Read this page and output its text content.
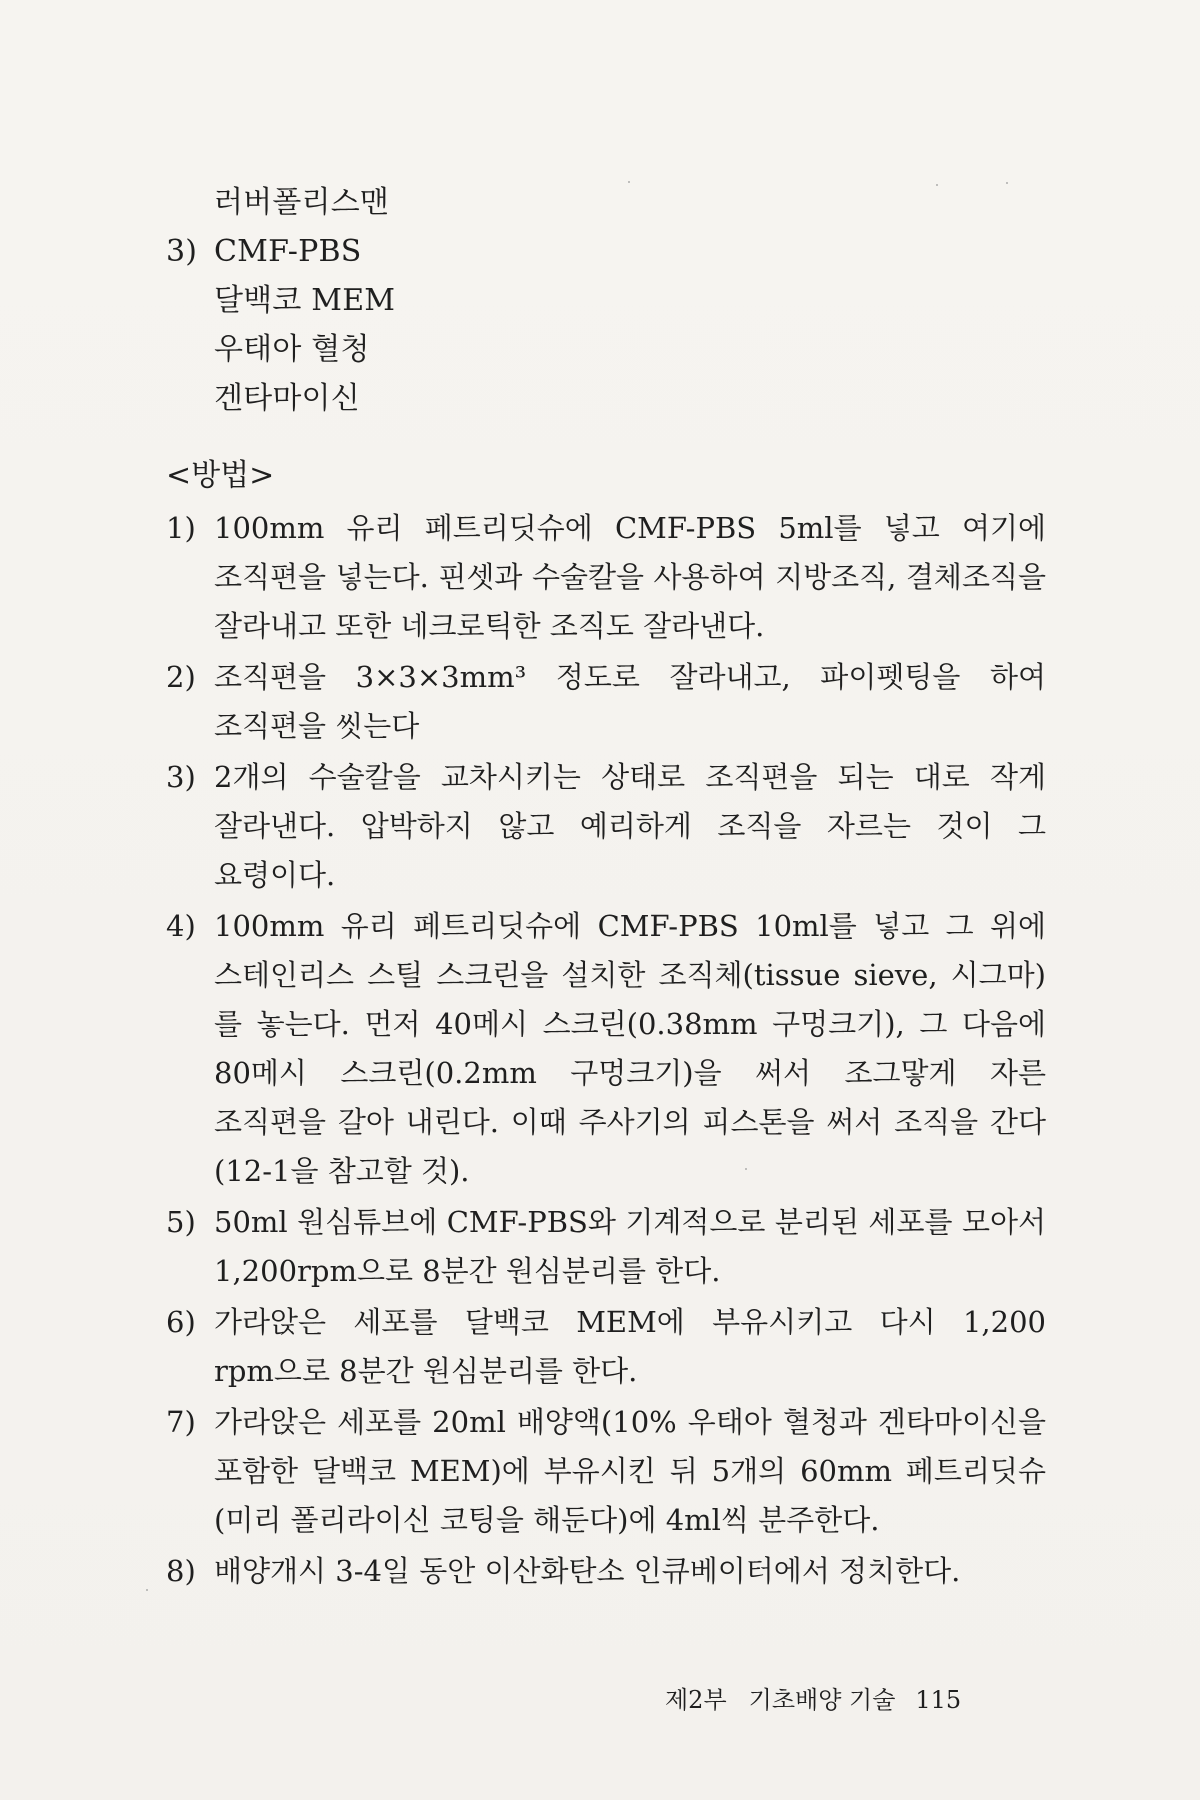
러버폴리스맨
3) CMF-PBS
달백코 MEM
우태아 혈청
겐타마이신
<방법>
1) 100mm 유리 페트리딧슈에 CMF-PBS 5ml를 넣고 여기에 조직편을 넣는다. 핀셋과 수술칼을 사용하여 지방조직, 결체조직을 잘라내고 또한 네크로틱한 조직도 잘라낸다.
2) 조직편을 3×3×3mm³ 정도로 잘라내고, 파이펫팅을 하여 조직편을 씻는다
3) 2개의 수술칼을 교차시키는 상태로 조직편을 되는 대로 작게 잘라낸다. 압박하지 않고 예리하게 조직을 자르는 것이 그 요령이다.
4) 100mm 유리 페트리딧슈에 CMF-PBS 10ml를 넣고 그 위에 스테인리스 스틸 스크린을 설치한 조직체(tissue sieve, 시그마)를 놓는다. 먼저 40메시 스크린(0.38mm 구멍크기), 그 다음에 80메시 스크린(0.2mm 구멍크기)을 써서 조그맣게 자른 조직편을 갈아 내린다. 이때 주사기의 피스톤을 써서 조직을 간다(12-1을 참고할 것).
5) 50ml 원심튜브에 CMF-PBS와 기계적으로 분리된 세포를 모아서 1,200rpm으로 8분간 원심분리를 한다.
6) 가라앉은 세포를 달백코 MEM에 부유시키고 다시 1,200 rpm으로 8분간 원심분리를 한다.
7) 가라앉은 세포를 20ml 배양액(10% 우태아 혈청과 겐타마이신을 포함한 달백코 MEM)에 부유시킨 뒤 5개의 60mm 페트리딧슈(미리 폴리라이신 코팅을 해둔다)에 4ml씩 분주한다.
8) 배양개시 3-4일 동안 이산화탄소 인큐베이터에서 정치한다.
제2부 기초배양 기술 115
